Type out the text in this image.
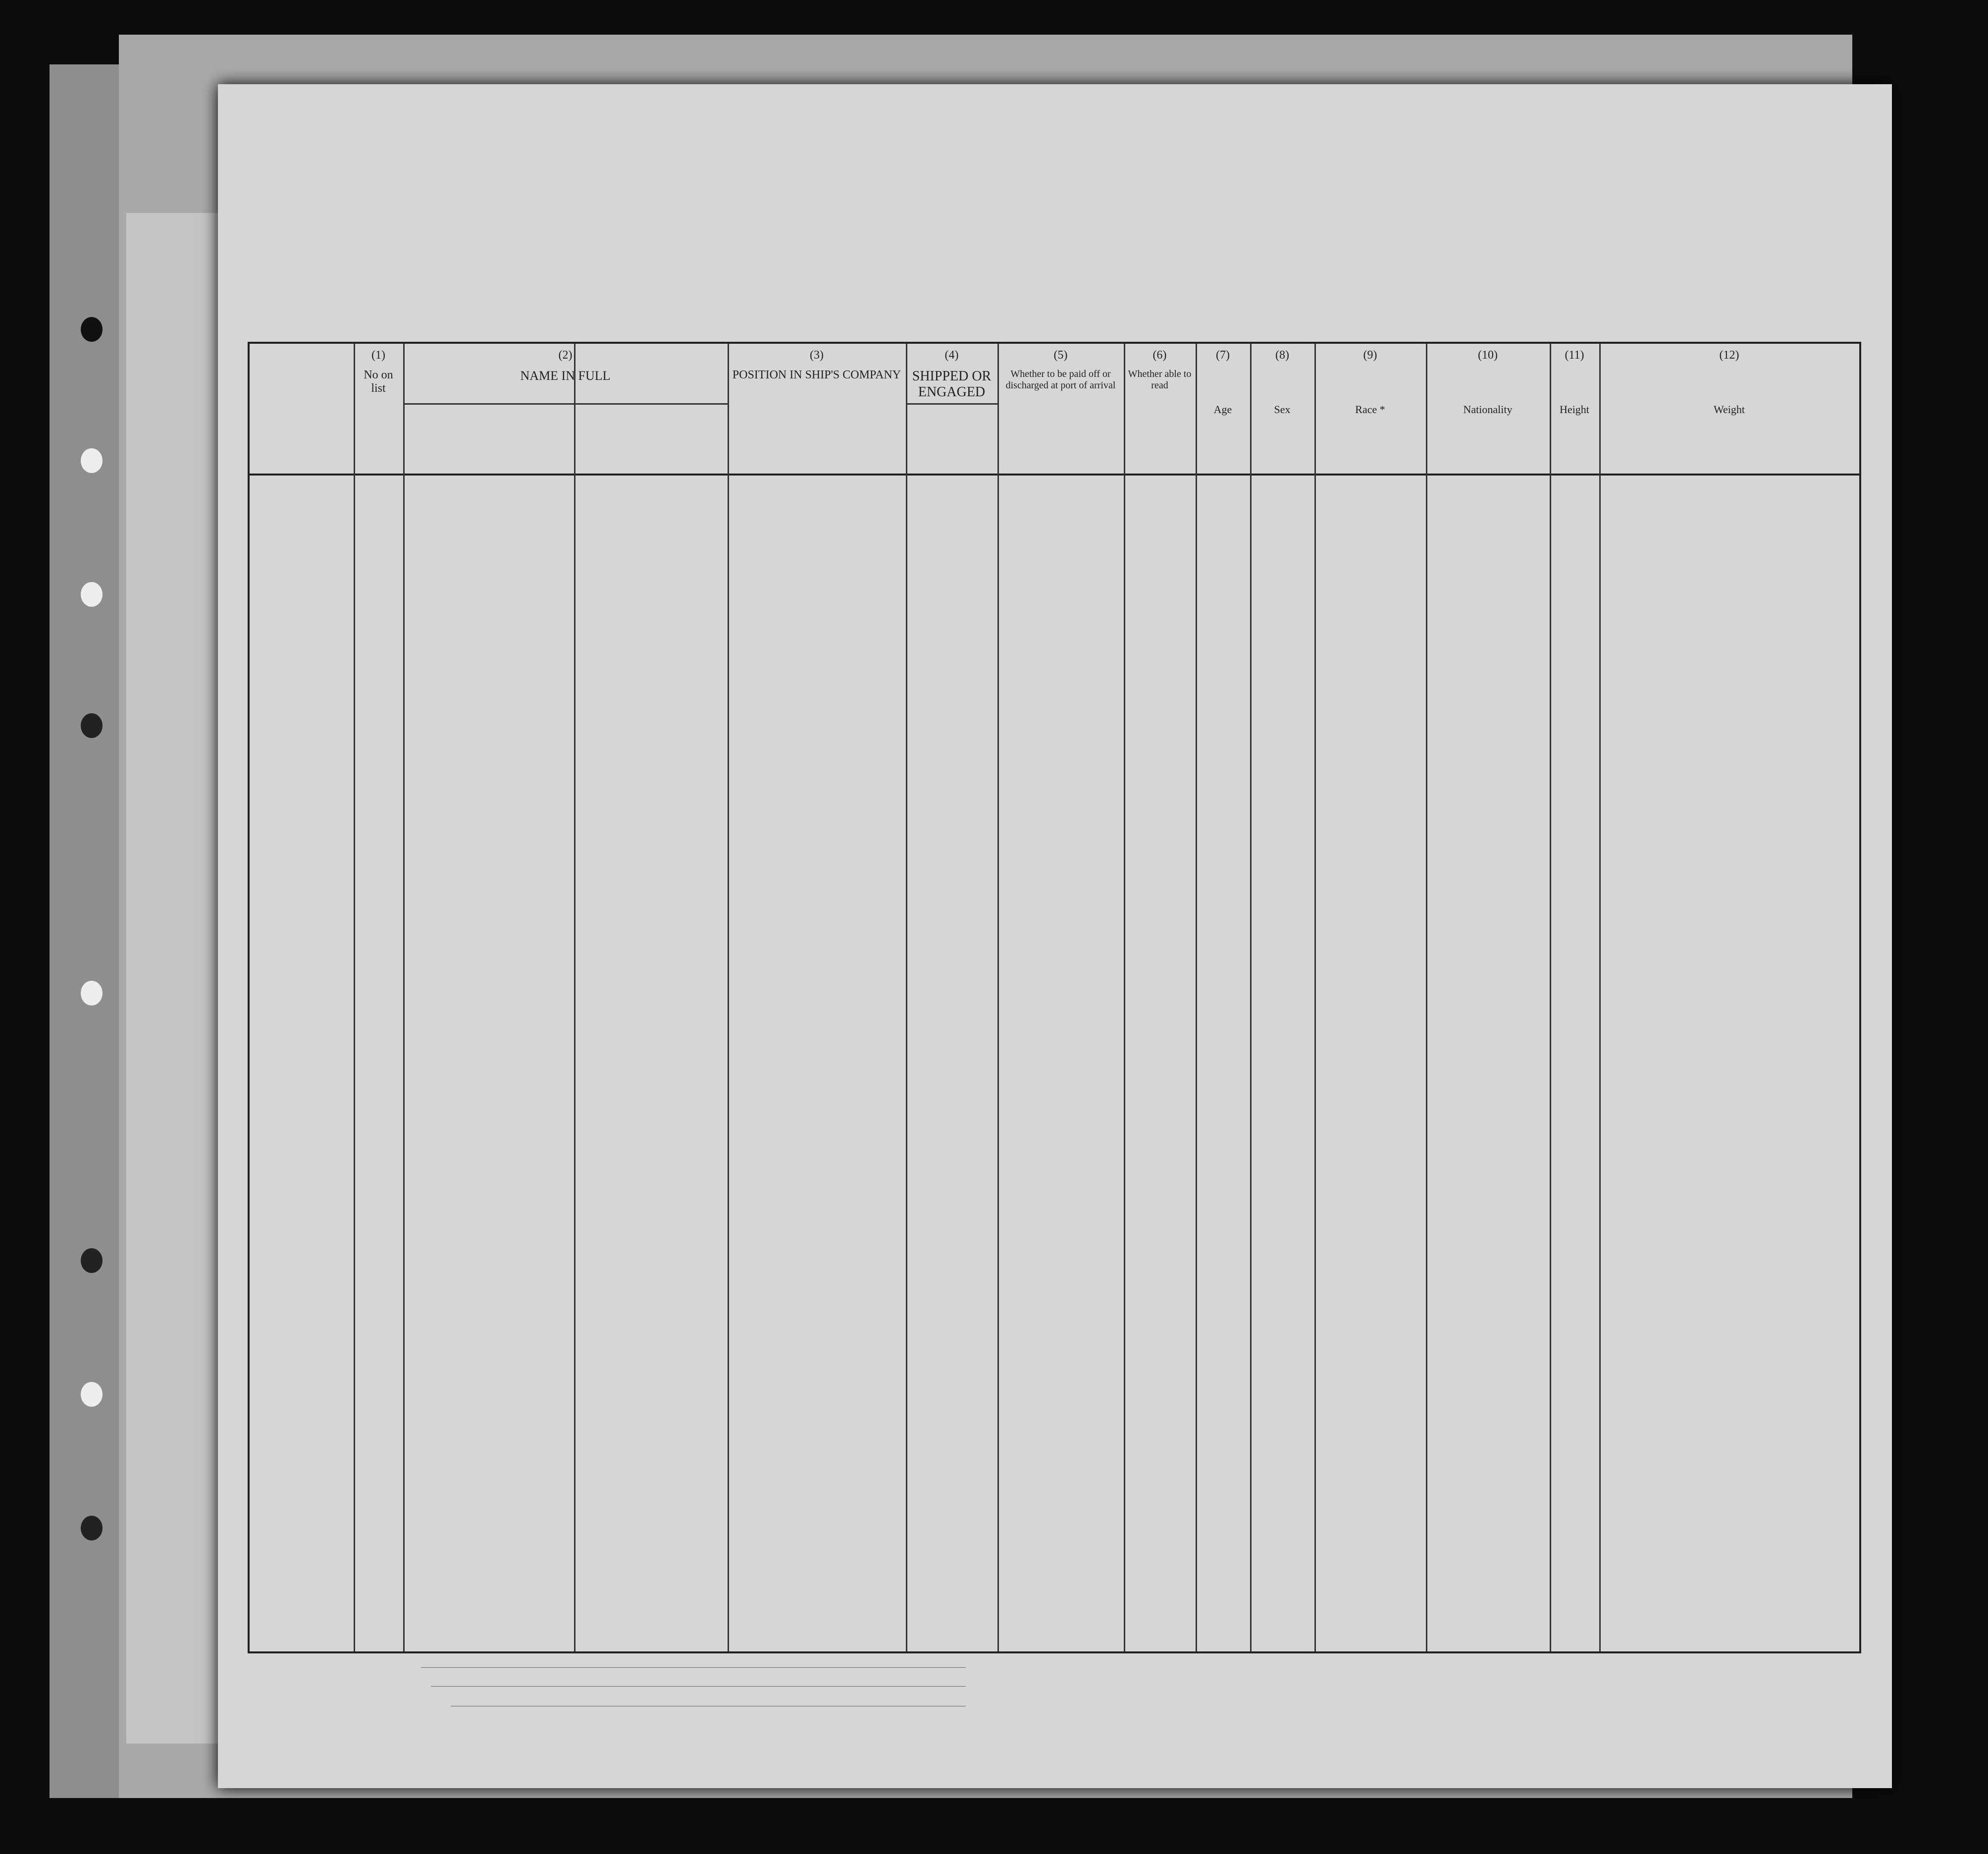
(1)
No on list
(2)
NAME IN FULL
(3)
POSITION IN SHIP'S COMPANY
(4)
SHIPPED OR ENGAGED
(5)
Whether to be paid off or discharged at port of arrival
(6)
Whether able to read
(7)
Age
(8)
Sex
(9)
Race *
(10)
Nationality
(11)
Height
(12)
Weight
